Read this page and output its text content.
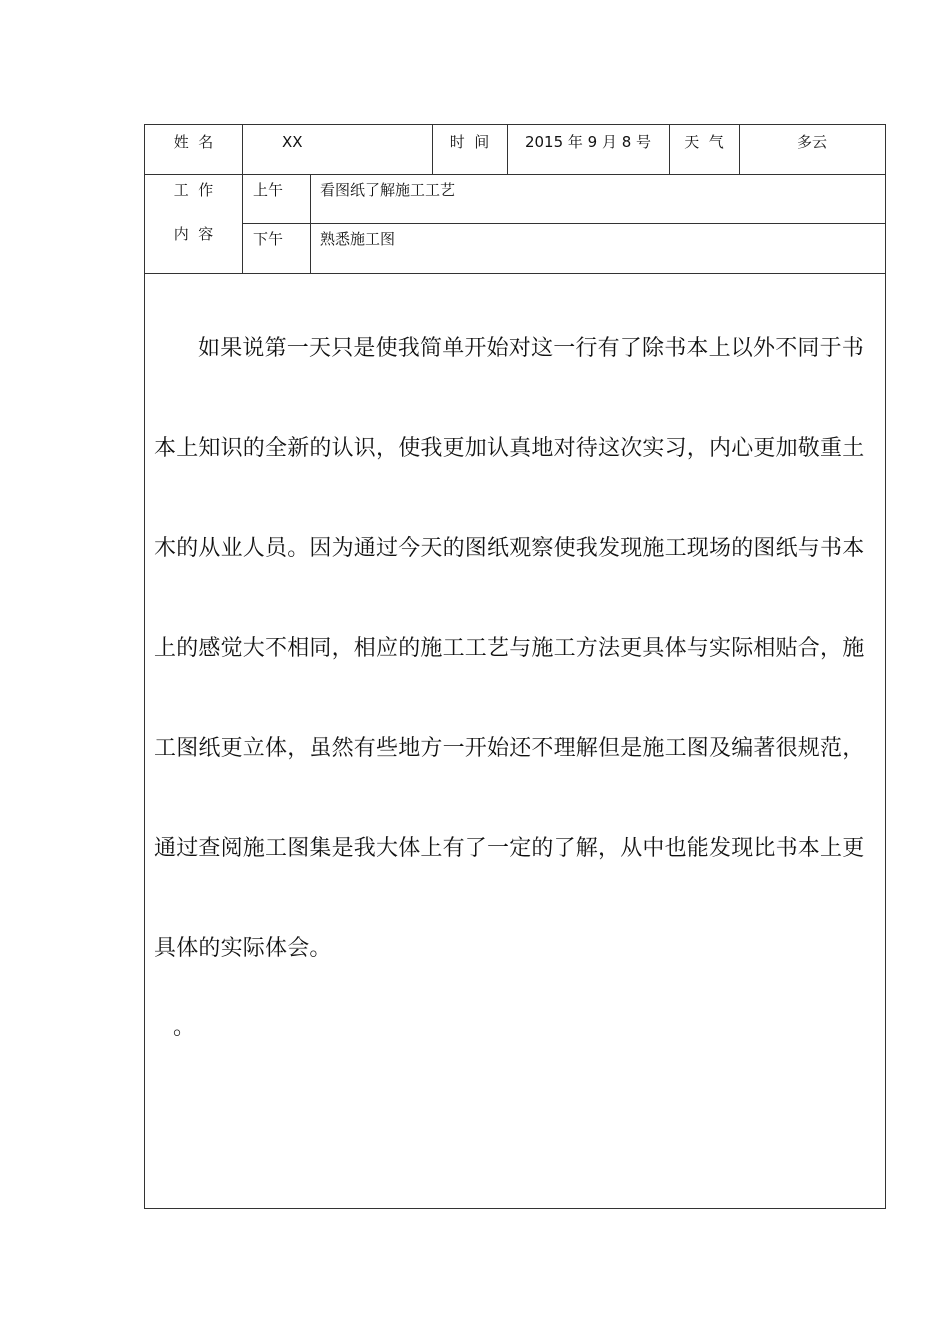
姓  名	XX	时  间	2015 年 9 月 8 号	天  气	多云
工  作
内  容
上午	看图纸了解施工工艺
下午	熟悉施工图

如果说第一天只是使我简单开始对这一行有了除书本上以外不同于书本上知识的全新的认识，使我更加认真地对待这次实习，内心更加敬重土木的从业人员。因为通过今天的图纸观察使我发现施工现场的图纸与书本上的感觉大不相同，相应的施工工艺与施工方法更具体与实际相贴合，施工图纸更立体，虽然有些地方一开始还不理解但是施工图及编著很规范，通过查阅施工图集是我大体上有了一定的了解，从中也能发现比书本上更具体的实际体会。

。
